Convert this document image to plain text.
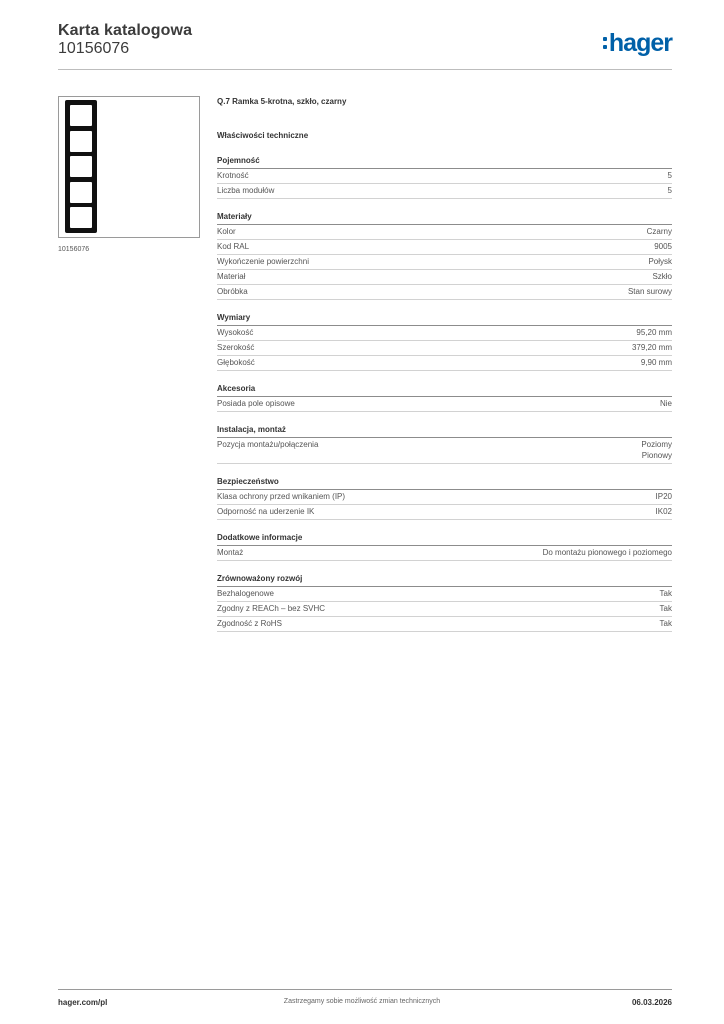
Karta katalogowa
10156076	hager
10156076
Q.7 Ramka 5-krotna, szkło, czarny
Właściwości techniczne
Pojemność
Krotność	5
Liczba modułów	5
Materiały
Kolor	Czarny
Kod RAL	9005
Wykończenie powierzchni	Połysk
Materiał	Szkło
Obróbka	Stan surowy
Wymiary
Wysokość	95,20 mm
Szerokość	379,20 mm
Głębokość	9,90 mm
Akcesoria
Posiada pole opisowe	Nie
Instalacja, montaż
Pozycja montażu/połączenia	Poziomy
Pionowy
Bezpieczeństwo
Klasa ochrony przed wnikaniem (IP)	IP20
Odporność na uderzenie IK	IK02
Dodatkowe informacje
Montaż	Do montażu pionowego i poziomego
Zrównoważony rozwój
Bezhalogenowe	Tak
Zgodny z REACh – bez SVHC	Tak
Zgodność z RoHS	Tak
hager.com/pl	Zastrzegamy sobie możliwość zmian technicznych	06.03.2026
